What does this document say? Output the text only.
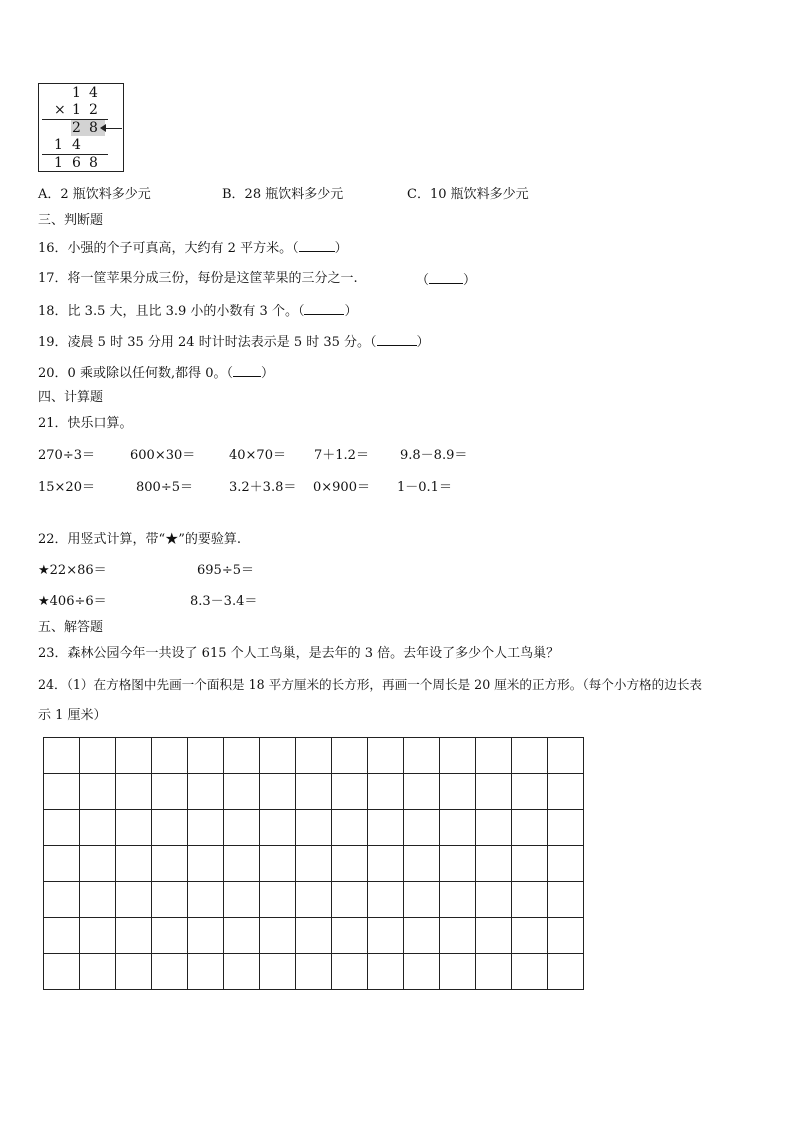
1 4
× 1 2
2 8
1 4
1 6 8
A．2 瓶饮料多少元	B．28 瓶饮料多少元	C．10 瓶饮料多少元
三、判断题
16．小强的个子可真高，大约有 2 平方米。（	）
17．将一筐苹果分成三份，每份是这筐苹果的三分之一.	（	）
18．比 3.5 大，且比 3.9 小的小数有 3 个。（	）
19．凌晨 5 时 35 分用 24 时计时法表示是 5 时 35 分。（	）
20．0 乘或除以任何数,都得 0。（ ）
四、计算题
21．快乐口算。
270÷3＝	600×30＝	40×70＝ 7＋1.2＝ 9.8－8.9＝
15×20＝	800÷5＝	3.2＋3.8＝ 0×900＝ 1－0.1＝
22．用竖式计算，带“★”的要验算.
★22×86＝	695÷5＝
★406÷6＝	8.3－3.4＝
五、解答题
23．森林公园今年一共设了 615 个人工鸟巢，是去年的 3 倍。去年设了多少个人工鸟巢？
24．（1）在方格图中先画一个面积是 18 平方厘米的长方形，再画一个周长是 20 厘米的正方形。（每个小方格的边长表
示 1 厘米）
